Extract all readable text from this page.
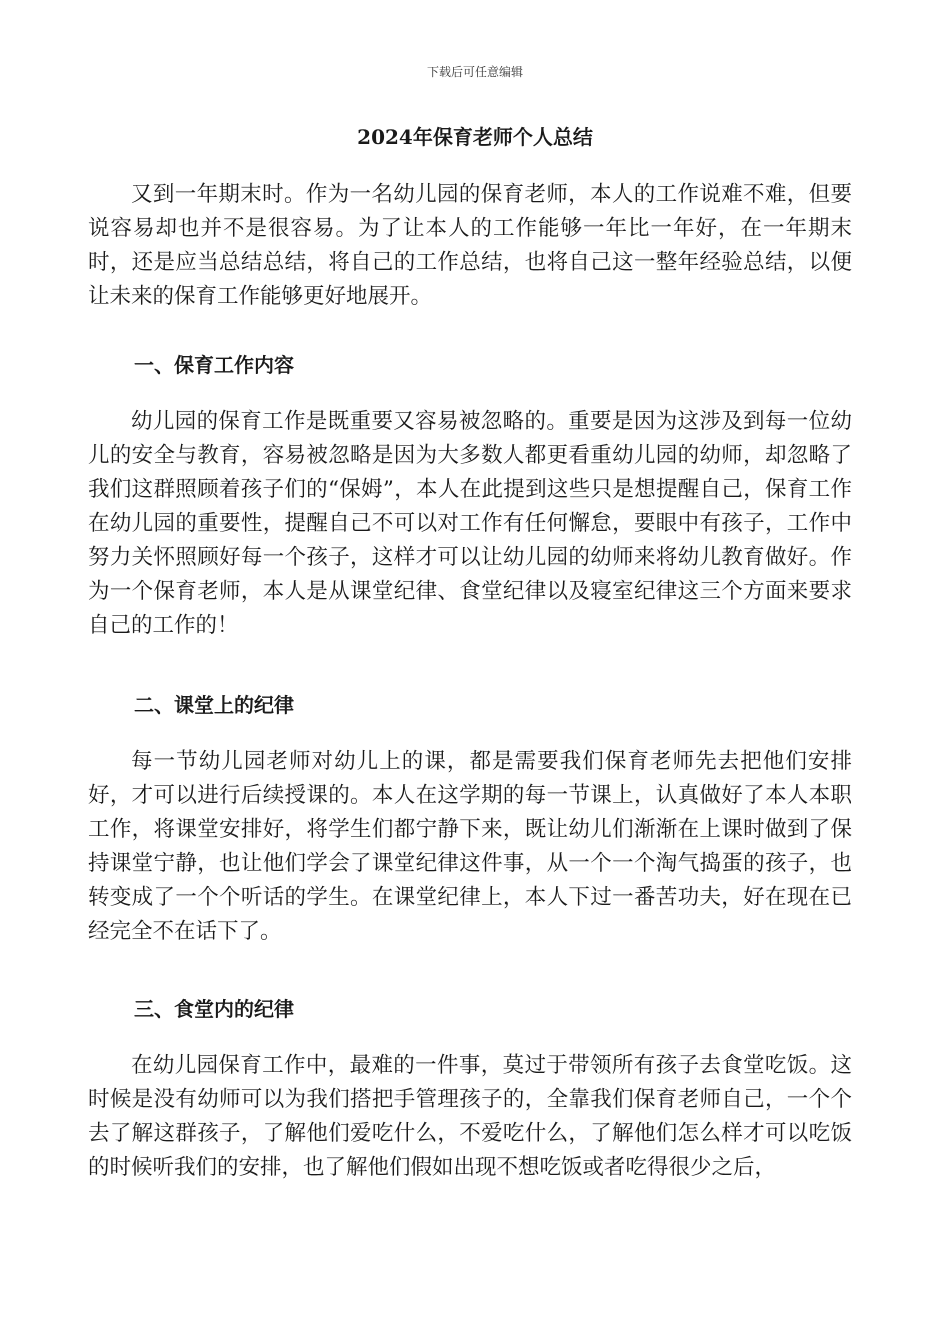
下载后可任意编辑
2024年保育老师个人总结

又到一年期末时。作为一名幼儿园的保育老师，本人的工作说难不难，但要说容易却也并不是很容易。为了让本人的工作能够一年比一年好，在一年期末时，还是应当总结总结，将自己的工作总结，也将自己这一整年经验总结，以便让未来的保育工作能够更好地展开。

一、保育工作内容

幼儿园的保育工作是既重要又容易被忽略的。重要是因为这涉及到每一位幼儿的安全与教育，容易被忽略是因为大多数人都更看重幼儿园的幼师，却忽略了我们这群照顾着孩子们的“保姆”，本人在此提到这些只是想提醒自己，保育工作在幼儿园的重要性，提醒自己不可以对工作有任何懈怠，要眼中有孩子，工作中努力关怀照顾好每一个孩子，这样才可以让幼儿园的幼师来将幼儿教育做好。作为一个保育老师，本人是从课堂纪律、食堂纪律以及寝室纪律这三个方面来要求自己的工作的！

二、课堂上的纪律

每一节幼儿园老师对幼儿上的课，都是需要我们保育老师先去把他们安排好，才可以进行后续授课的。本人在这学期的每一节课上，认真做好了本人本职工作，将课堂安排好，将学生们都宁静下来，既让幼儿们渐渐在上课时做到了保持课堂宁静，也让他们学会了课堂纪律这件事，从一个一个淘气捣蛋的孩子，也转变成了一个个听话的学生。在课堂纪律上，本人下过一番苦功夫，好在现在已经完全不在话下了。

三、食堂内的纪律

在幼儿园保育工作中，最难的一件事，莫过于带领所有孩子去食堂吃饭。这时候是没有幼师可以为我们搭把手管理孩子的，全靠我们保育老师自己，一个个去了解这群孩子，了解他们爱吃什么，不爱吃什么，了解他们怎么样才可以吃饭的时候听我们的安排，也了解他们假如出现不想吃饭或者吃得很少之后，
